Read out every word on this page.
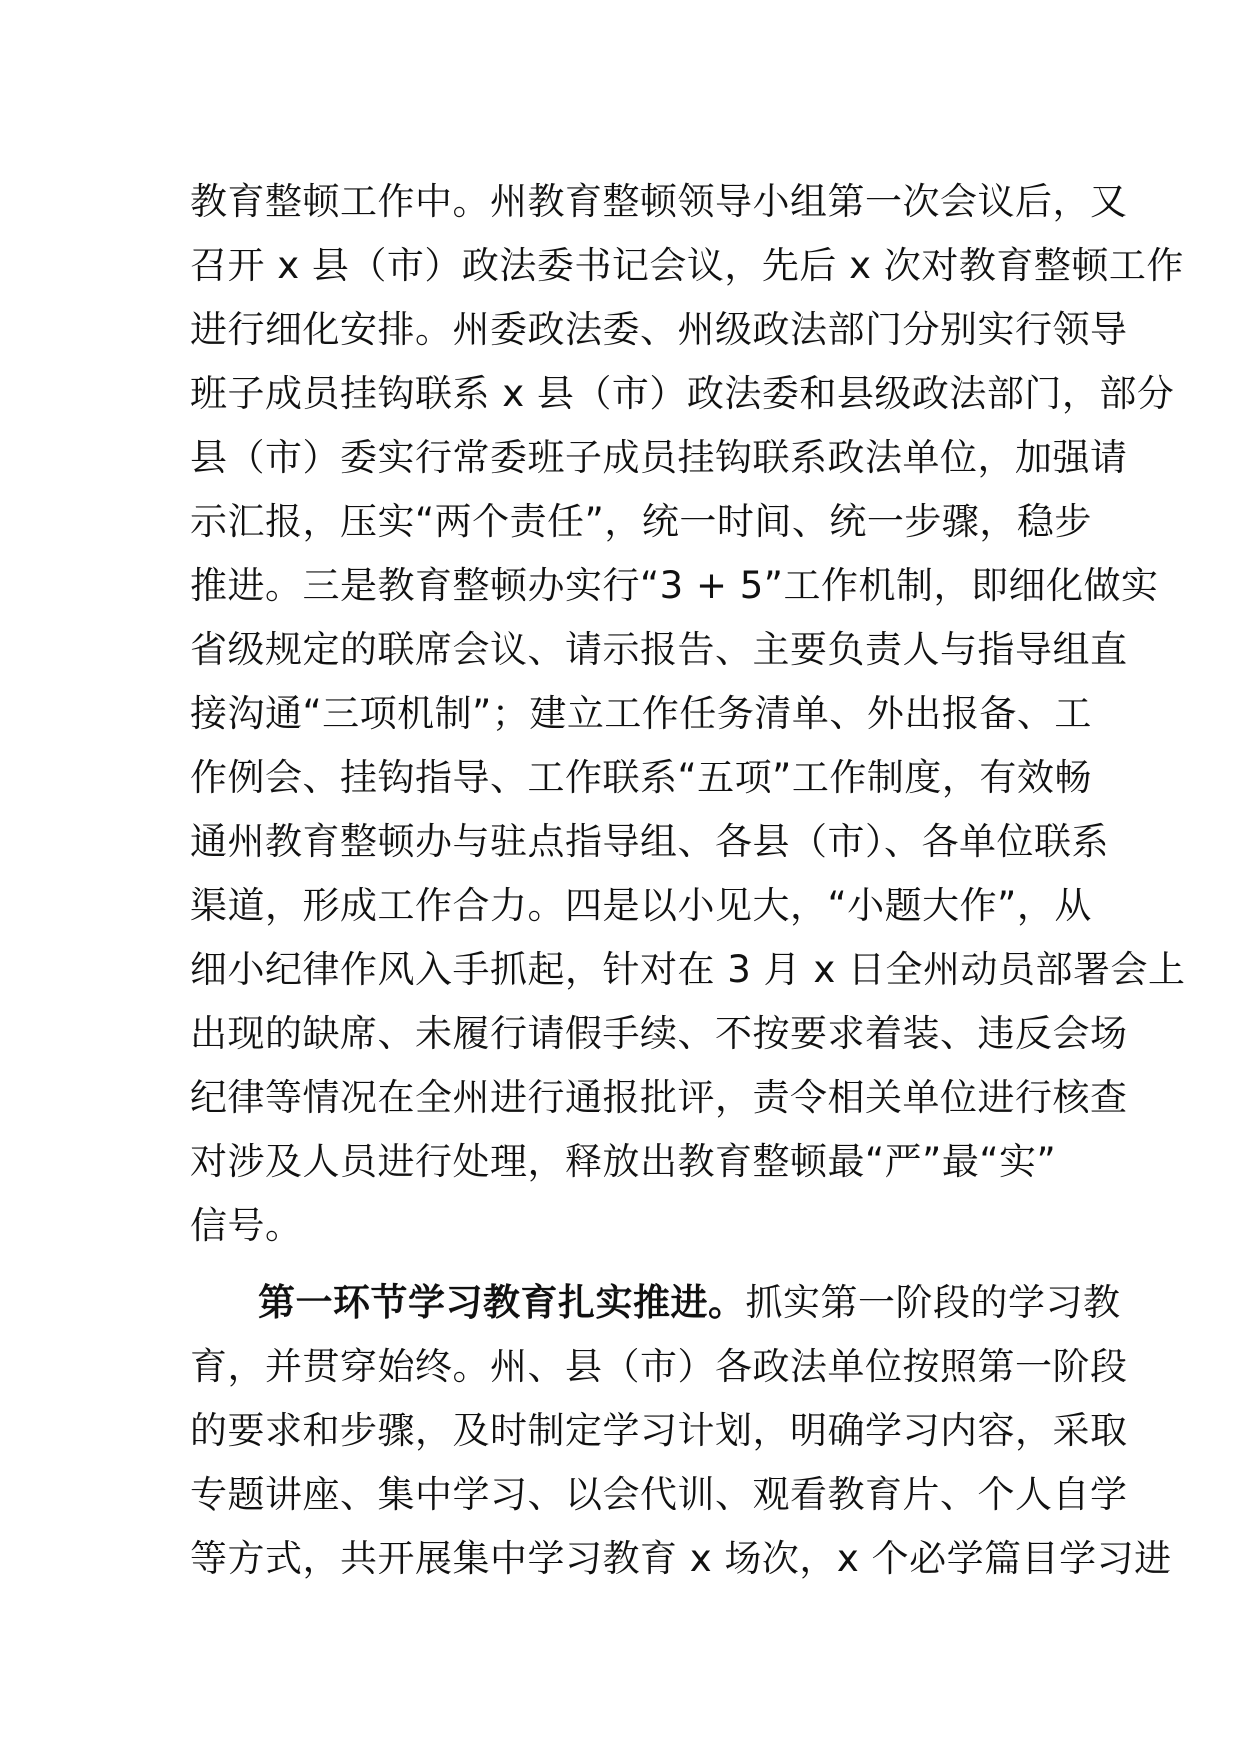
教育整顿工作中。州教育整顿领导小组第一次会议后，又
召开 x 县（市）政法委书记会议，先后 x 次对教育整顿工作
进行细化安排。州委政法委、州级政法部门分别实行领导
班子成员挂钩联系 x 县（市）政法委和县级政法部门，部分
县（市）委实行常委班子成员挂钩联系政法单位，加强请
示汇报，压实“两个责任”，统一时间、统一步骤，稳步
推进。三是教育整顿办实行“3 + 5”工作机制，即细化做实
省级规定的联席会议、请示报告、主要负责人与指导组直
接沟通“三项机制”；建立工作任务清单、外出报备、工
作例会、挂钩指导、工作联系“五项”工作制度，有效畅
通州教育整顿办与驻点指导组、各县（市）、各单位联系
渠道，形成工作合力。四是以小见大，“小题大作”，从
细小纪律作风入手抓起，针对在 3 月 x 日全州动员部署会上
出现的缺席、未履行请假手续、不按要求着装、违反会场
纪律等情况在全州进行通报批评，责令相关单位进行核查
对涉及人员进行处理，释放出教育整顿最“严”最“实”
信号。
第一环节学习教育扎实推进。抓实第一阶段的学习教
育，并贯穿始终。州、县（市）各政法单位按照第一阶段
的要求和步骤，及时制定学习计划，明确学习内容，采取
专题讲座、集中学习、以会代训、观看教育片、个人自学
等方式，共开展集中学习教育 x 场次，x 个必学篇目学习进
